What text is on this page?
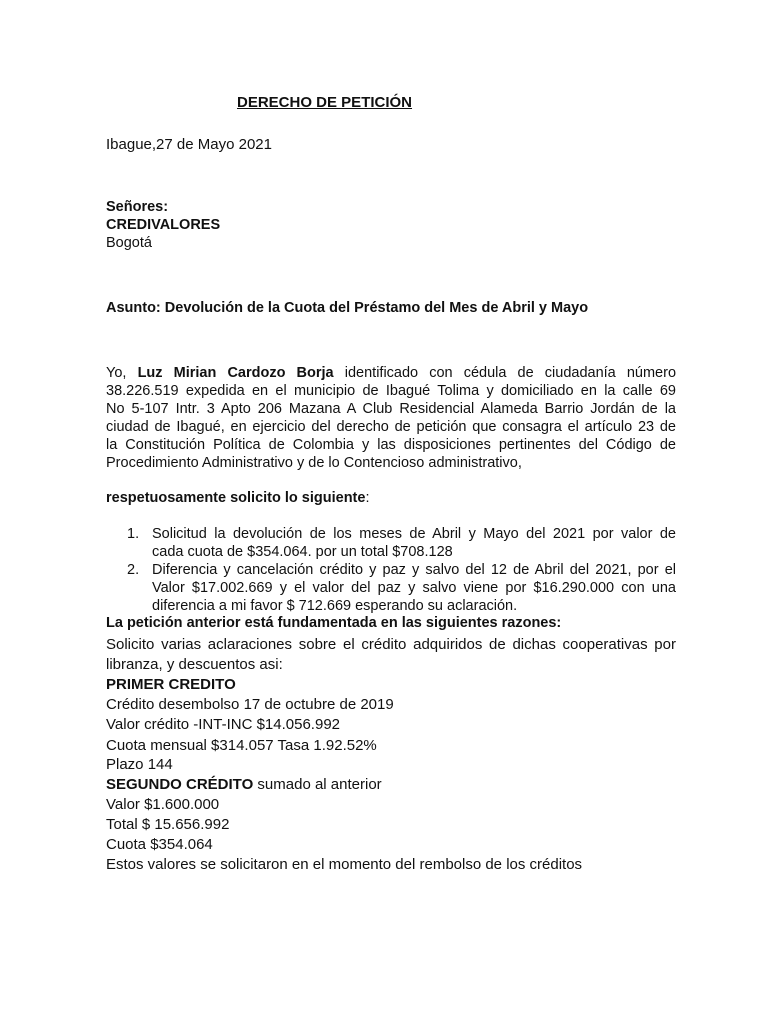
DERECHO DE PETICIÓN
Ibague,27 de Mayo 2021
Señores:
CREDIVALORES
Bogotá
Asunto: Devolución de la Cuota del Préstamo del Mes de Abril y Mayo
Yo, Luz Mirian Cardozo Borja identificado con cédula de ciudadanía número
38.226.519 expedida en el municipio de Ibagué Tolima y domiciliado en la calle 69
No 5-107 Intr. 3 Apto 206 Mazana A Club Residencial Alameda Barrio Jordán de la
ciudad de Ibagué, en ejercicio del derecho de petición que consagra el artículo 23 de
la Constitución Política de Colombia y las disposiciones pertinentes del Código de
Procedimiento Administrativo y de lo Contencioso administrativo,
respetuosamente solicito lo siguiente:
1. Solicitud la devolución de los meses de Abril y Mayo del 2021 por valor de
cada cuota de $354.064. por un total $708.128
2. Diferencia y cancelación crédito y paz y salvo del 12 de Abril del 2021, por el
Valor $17.002.669 y el valor del paz y salvo viene por $16.290.000 con una
diferencia a mi favor $ 712.669 esperando su aclaración.
La petición anterior está fundamentada en las siguientes razones:
Solicito varias aclaraciones sobre el crédito adquiridos de dichas cooperativas por
libranza, y descuentos asi:
PRIMER CREDITO
Crédito desembolso 17 de octubre de 2019
Valor crédito -INT-INC $14.056.992
Cuota mensual $314.057 Tasa 1.92.52%
Plazo 144
SEGUNDO CRÉDITO sumado al anterior
Valor $1.600.000
Total $ 15.656.992
Cuota $354.064
Estos valores se solicitaron en el momento del rembolso de los créditos
